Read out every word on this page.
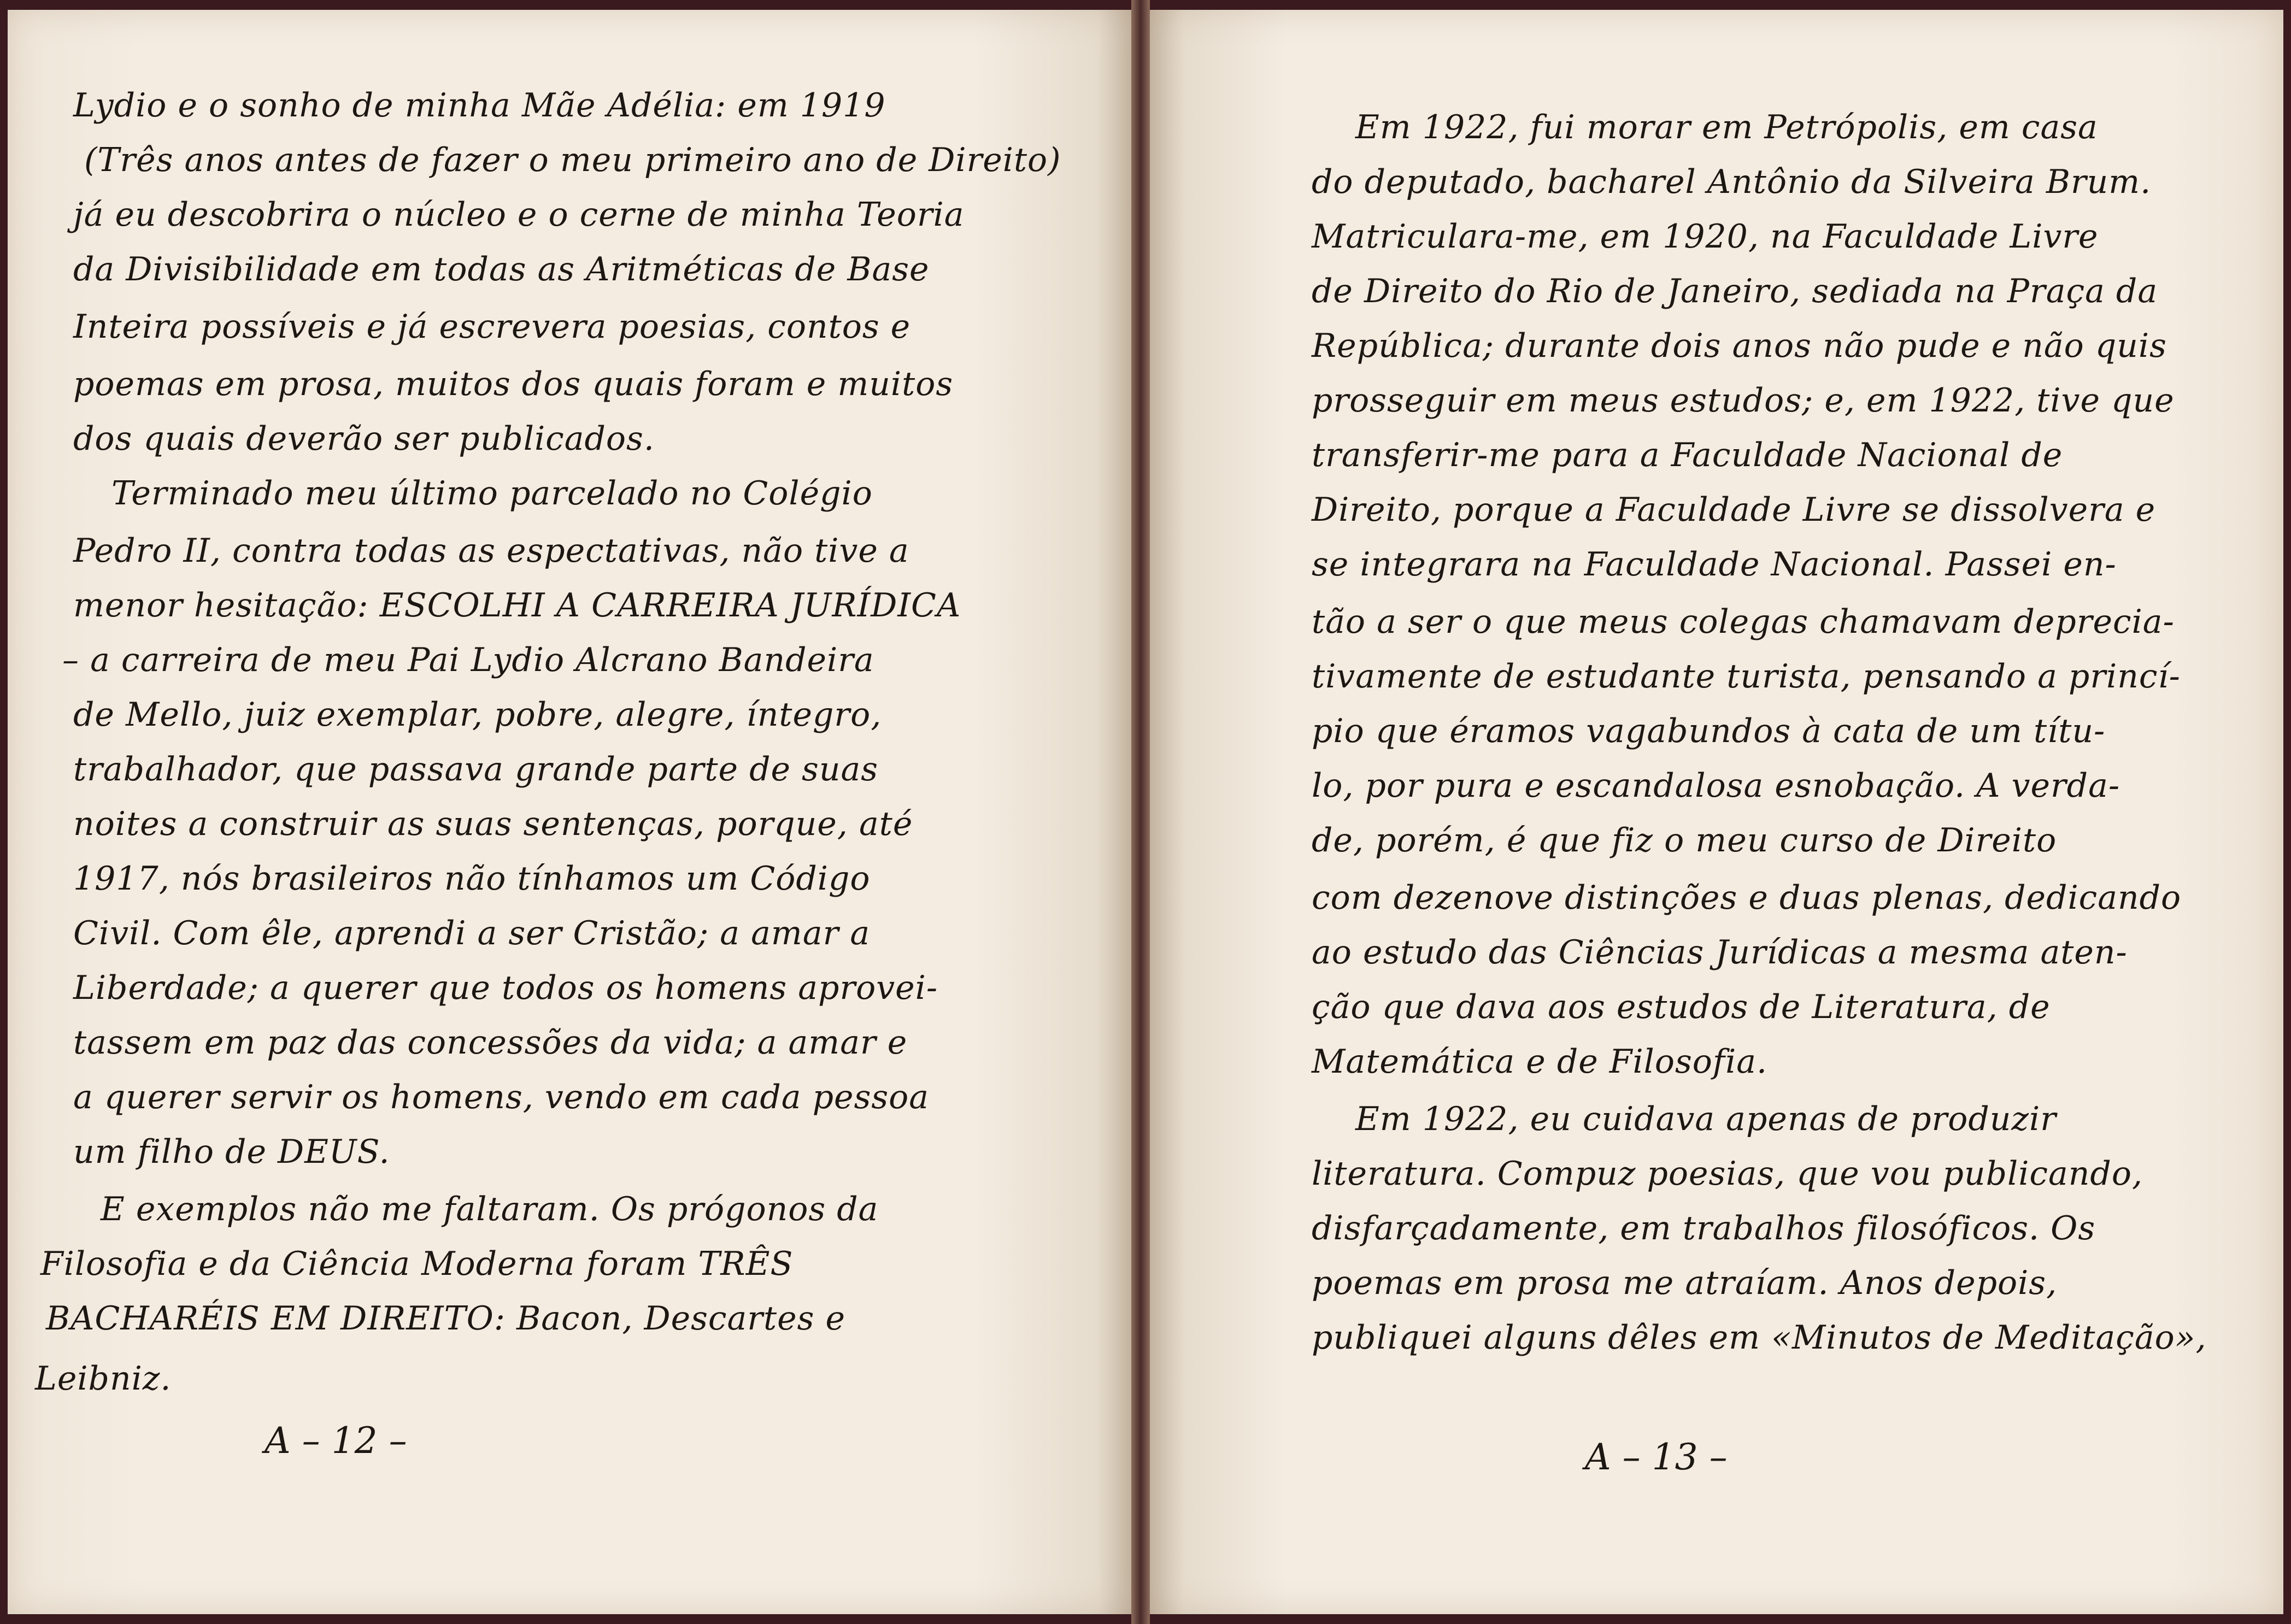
Lydio e o sonho de minha Mãe Adélia: em 1919
(Três anos antes de fazer o meu primeiro ano de Direito)
já eu descobrira o núcleo e o cerne de minha Teoria
da Divisibilidade em todas as Aritméticas de Base
Inteira possíveis e já escrevera poesias, contos e
poemas em prosa, muitos dos quais foram e muitos
dos quais deverão ser publicados.
Terminado meu último parcelado no Colégio
Pedro II, contra todas as espectativas, não tive a
menor hesitação: ESCOLHI A CARREIRA JURÍDICA
– a carreira de meu Pai Lydio Alcrano Bandeira
de Mello, juiz exemplar, pobre, alegre, íntegro,
trabalhador, que passava grande parte de suas
noites a construir as suas sentenças, porque, até
1917, nós brasileiros não tínhamos um Código
Civil. Com êle, aprendi a ser Cristão; a amar a
Liberdade; a querer que todos os homens aprovei-
tassem em paz das concessões da vida; a amar e
a querer servir os homens, vendo em cada pessoa
um filho de DEUS.
E exemplos não me faltaram. Os prógonos da
Filosofia e da Ciência Moderna foram TRÊS
BACHARÉIS EM DIREITO: Bacon, Descartes e
Leibniz.
A – 12 –
Em 1922, fui morar em Petrópolis, em casa
do deputado, bacharel Antônio da Silveira Brum.
Matriculara-me, em 1920, na Faculdade Livre
de Direito do Rio de Janeiro, sediada na Praça da
República; durante dois anos não pude e não quis
prosseguir em meus estudos; e, em 1922, tive que
transferir-me para a Faculdade Nacional de
Direito, porque a Faculdade Livre se dissolvera e
se integrara na Faculdade Nacional. Passei en-
tão a ser o que meus colegas chamavam deprecia-
tivamente de estudante turista, pensando a princí-
pio que éramos vagabundos à cata de um títu-
lo, por pura e escandalosa esnobação. A verda-
de, porém, é que fiz o meu curso de Direito
com dezenove distinções e duas plenas, dedicando
ao estudo das Ciências Jurídicas a mesma aten-
ção que dava aos estudos de Literatura, de
Matemática e de Filosofia.
Em 1922, eu cuidava apenas de produzir
literatura. Compuz poesias, que vou publicando,
disfarçadamente, em trabalhos filosóficos. Os
poemas em prosa me atraíam. Anos depois,
publiquei alguns dêles em «Minutos de Meditação»,
A – 13 –
